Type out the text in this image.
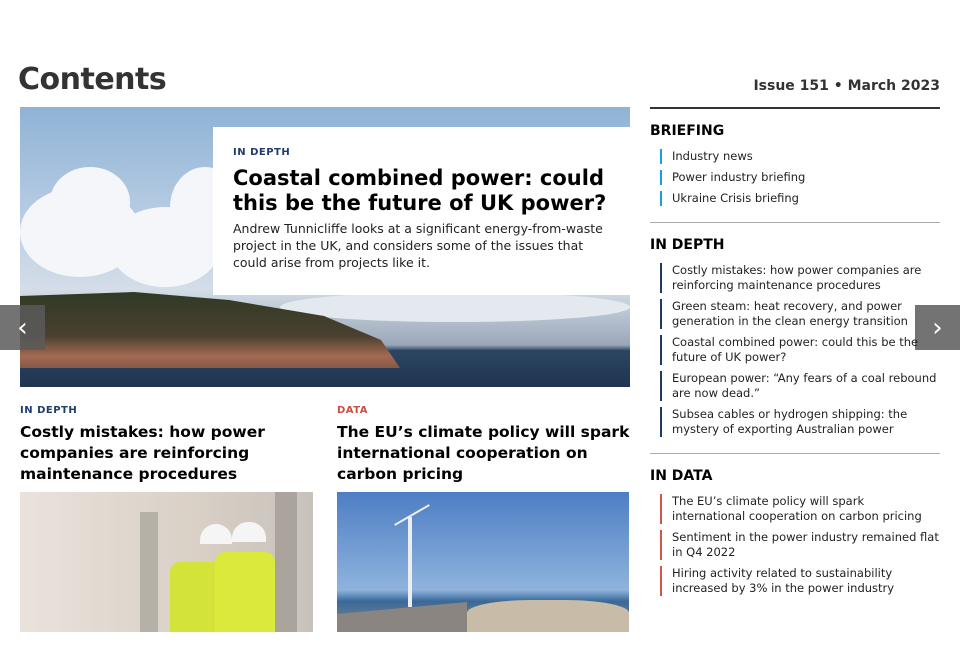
Contents	Issue 151 • March 2023
IN DEPTH
Coastal combined power: could this be the future of UK power?

Andrew Tunnicliffe looks at a significant energy-from-waste project in the UK, and considers some of the issues that could arise from projects like it.

‹	›
IN DEPTH
Costly mistakes: how power companies are reinforcing maintenance procedures
DATA
The EU’s climate policy will spark international cooperation on carbon pricing
BRIEFING
Industry news
Power industry briefing
Ukraine Crisis briefing
IN DEPTH
Costly mistakes: how power companies are reinforcing maintenance procedures
Green steam: heat recovery, and power generation in the clean energy transition
Coastal combined power: could this be the future of UK power?
European power: “Any fears of a coal rebound are now dead.”
Subsea cables or hydrogen shipping: the mystery of exporting Australian power
IN DATA
The EU’s climate policy will spark international cooperation on carbon pricing
Sentiment in the power industry remained flat in Q4 2022
Hiring activity related to sustainability increased by 3% in the power industry
